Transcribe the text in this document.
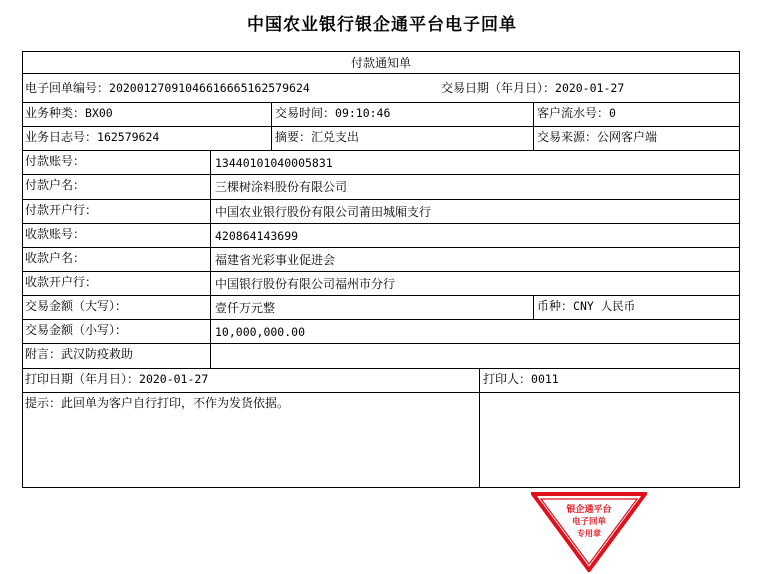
中国农业银行银企通平台电子回单
付款通知单
电子回单编号：20200127091046616665162579624	交易日期（年月日）：2020-01-27
业务种类：BX00	交易时间：09:10:46	客户流水号：0
业务日志号：162579624	摘要：汇兑支出	交易来源：公网客户端
付款账号：	13440101040005831
付款户名：	三棵树涂料股份有限公司
付款开户行：	中国农业银行股份有限公司莆田城厢支行
收款账号：	420864143699
收款户名：	福建省光彩事业促进会
收款开户行：	中国银行股份有限公司福州市分行
交易金额（大写）：	壹仟万元整	币种：CNY 人民币
交易金额（小写）：	10,000,000.00
附言：武汉防疫救助
打印日期（年月日）：2020-01-27	打印人：0011
提示：此回单为客户自行打印，不作为发货依据。
银企通平台
电子回单
专用章
